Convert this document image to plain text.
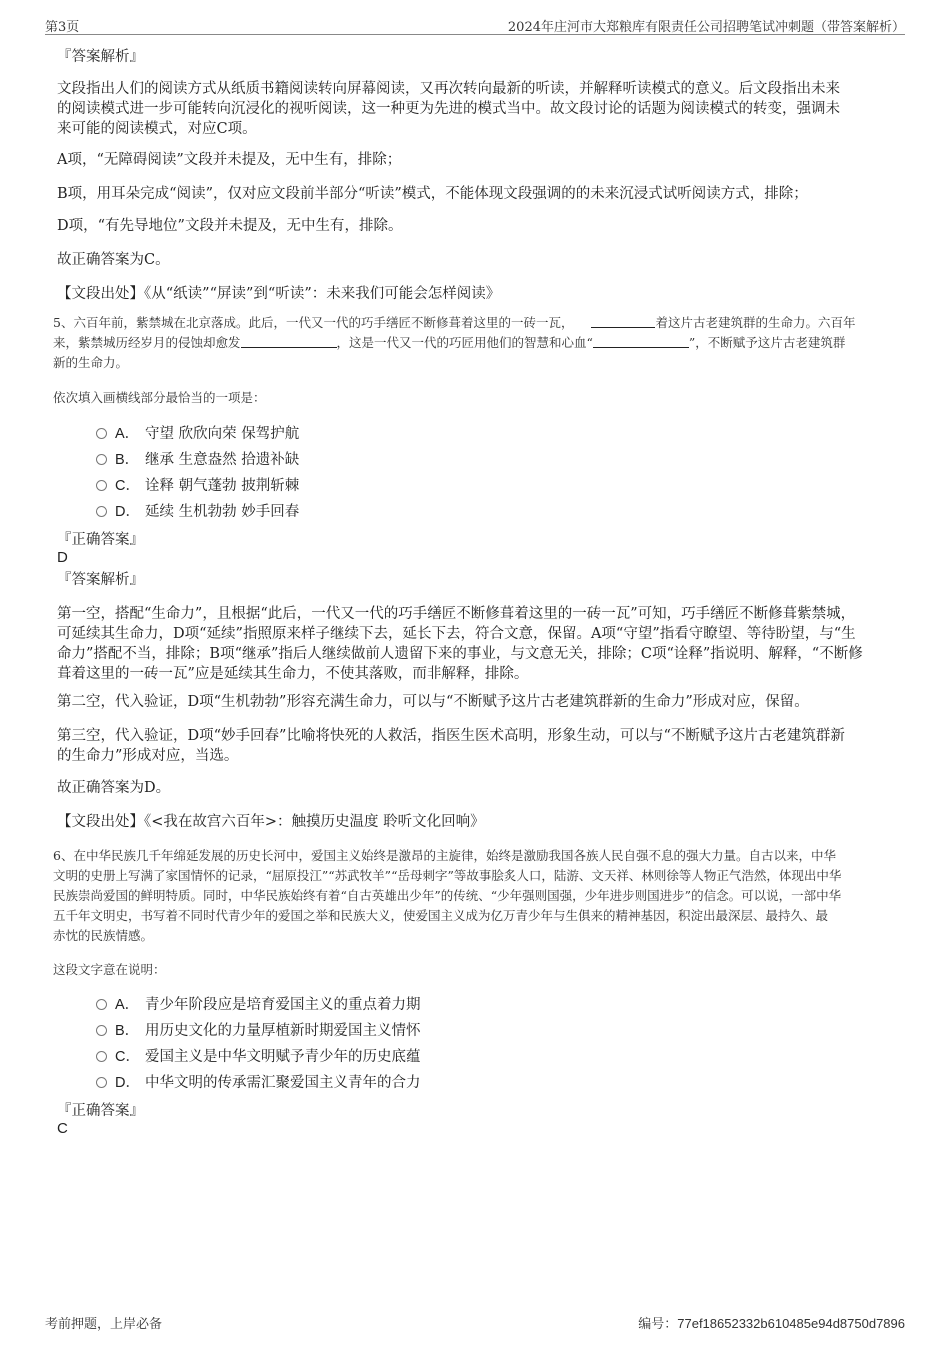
第3页	2024年庄河市大郑粮库有限责任公司招聘笔试冲刺题（带答案解析）
『答案解析』
文段指出人们的阅读方式从纸质书籍阅读转向屏幕阅读，又再次转向最新的听读，并解释听读模式的意义。后文段指出未来
的阅读模式进一步可能转向沉浸化的视听阅读，这一种更为先进的模式当中。故文段讨论的话题为阅读模式的转变，强调未
来可能的阅读模式，对应C项。
A项，“无障碍阅读”文段并未提及，无中生有，排除；
B项，用耳朵完成“阅读”，仅对应文段前半部分“听读”模式，不能体现文段强调的的未来沉浸式试听阅读方式，排除；
D项，“有先导地位”文段并未提及，无中生有，排除。
故正确答案为C。
【文段出处】《从“纸读”“屏读”到“听读”：未来我们可能会怎样阅读》
5、六百年前，紫禁城在北京落成。此后，一代又一代的巧手缮匠不断修葺着这里的一砖一瓦，	着这片古老建筑群的生命力。六百年
来，紫禁城历经岁月的侵蚀却愈发	，这是一代又一代的巧匠用他们的智慧和心血“	”，不断赋予这片古老建筑群
新的生命力。
依次填入画横线部分最恰当的一项是：
A． 守望 欣欣向荣 保驾护航
B． 继承 生意盎然 拾遗补缺
C． 诠释 朝气蓬勃 披荆斩棘
D． 延续 生机勃勃 妙手回春
『正确答案』
D
『答案解析』
第一空，搭配“生命力”，且根据“此后，一代又一代的巧手缮匠不断修葺着这里的一砖一瓦”可知，巧手缮匠不断修葺紫禁城，
可延续其生命力，D项“延续”指照原来样子继续下去，延长下去，符合文意，保留。A项“守望”指看守瞭望、等待盼望，与“生
命力”搭配不当，排除；B项“继承”指后人继续做前人遗留下来的事业，与文意无关，排除；C项“诠释”指说明、解释，“不断修
葺着这里的一砖一瓦”应是延续其生命力，不使其落败，而非解释，排除。
第二空，代入验证，D项“生机勃勃”形容充满生命力，可以与“不断赋予这片古老建筑群新的生命力”形成对应，保留。
第三空，代入验证，D项“妙手回春”比喻将快死的人救活，指医生医术高明，形象生动，可以与“不断赋予这片古老建筑群新
的生命力”形成对应，当选。
故正确答案为D。
【文段出处】《<我在故宫六百年>：触摸历史温度 聆听文化回响》
6、在中华民族几千年绵延发展的历史长河中，爱国主义始终是激昂的主旋律，始终是激励我国各族人民自强不息的强大力量。自古以来，中华
文明的史册上写满了家国情怀的记录，“屈原投江”“苏武牧羊”“岳母刺字”等故事脍炙人口，陆游、文天祥、林则徐等人物正气浩然，体现出中华
民族崇尚爱国的鲜明特质。同时，中华民族始终有着“自古英雄出少年”的传统、“少年强则国强，少年进步则国进步”的信念。可以说，一部中华
五千年文明史，书写着不同时代青少年的爱国之举和民族大义，使爱国主义成为亿万青少年与生俱来的精神基因，积淀出最深层、最持久、最
赤忱的民族情感。
这段文字意在说明：
A． 青少年阶段应是培育爱国主义的重点着力期
B． 用历史文化的力量厚植新时期爱国主义情怀
C． 爱国主义是中华文明赋予青少年的历史底蕴
D． 中华文明的传承需汇聚爱国主义青年的合力
『正确答案』
C
考前押题，上岸必备	编号：77ef18652332b610485e94d8750d7896
